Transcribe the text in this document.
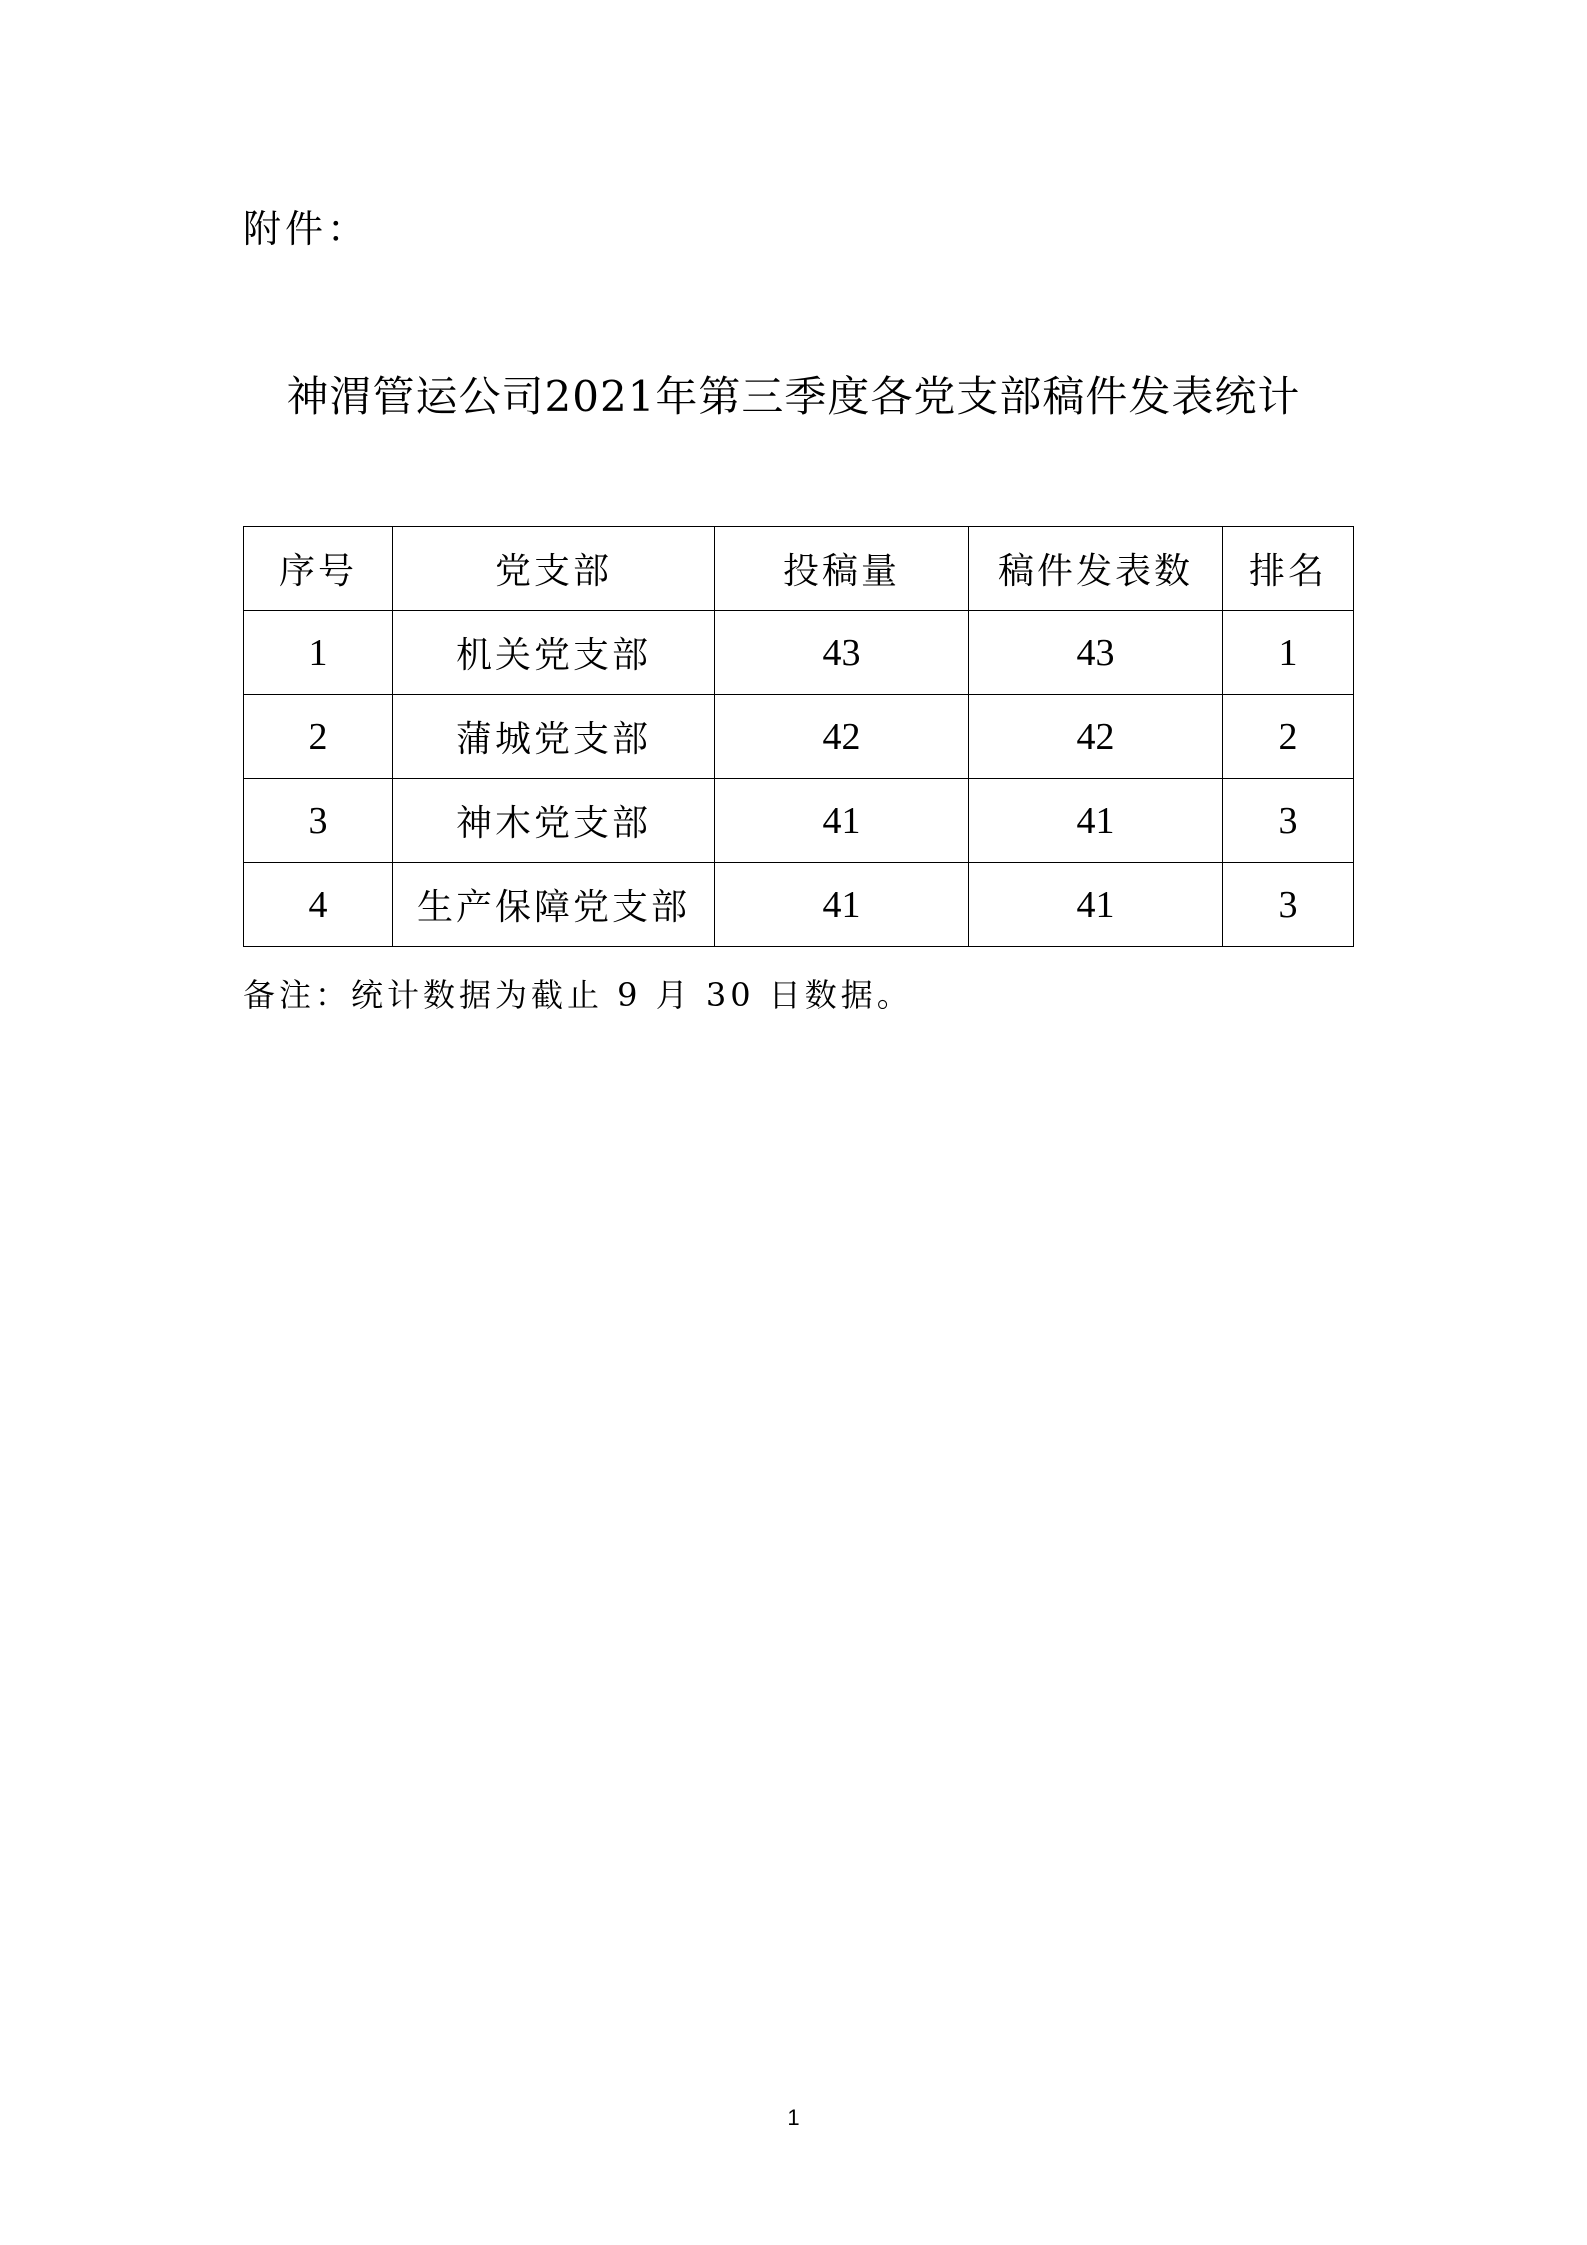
附件：
神渭管运公司2021年第三季度各党支部稿件发表统计
序号	党支部	投稿量	稿件发表数	排名
1	机关党支部	43	43	1
2	蒲城党支部	42	42	2
3	神木党支部	41	41	3
4	生产保障党支部	41	41	3
备注：统计数据为截止 9 月 30 日数据。
1
